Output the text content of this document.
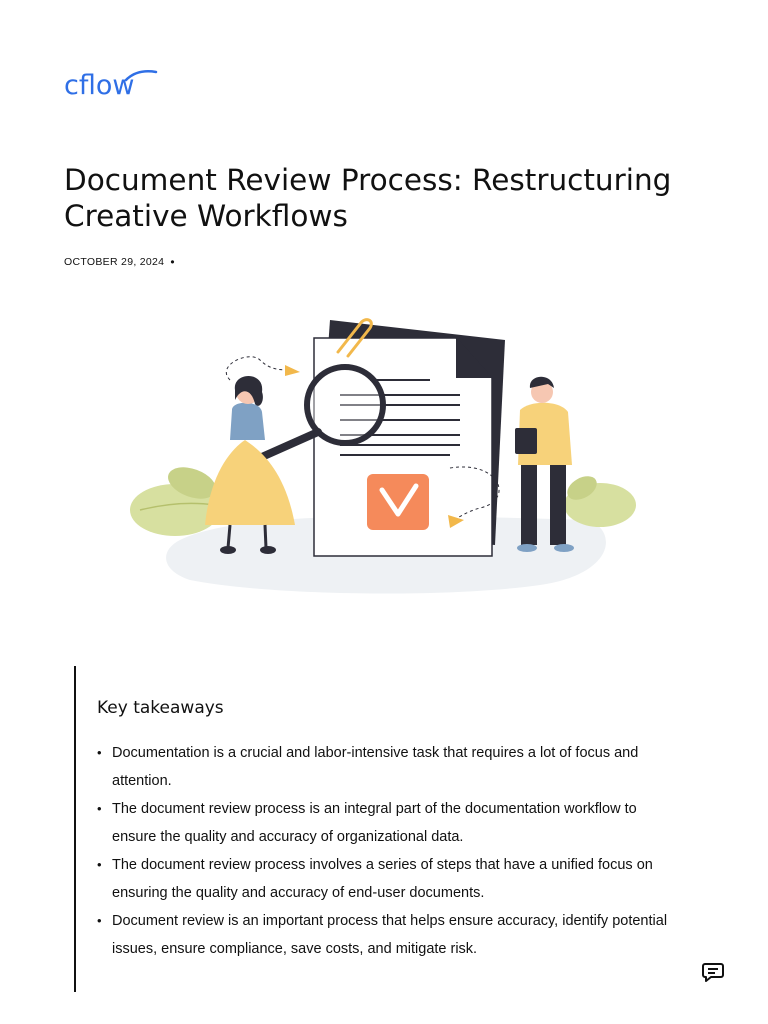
cflow
Document Review Process: Restructuring Creative Workflows
OCTOBER 29, 2024 •
Key takeaways
• Documentation is a crucial and labor-intensive task that requires a lot of focus and attention.
• The document review process is an integral part of the documentation workflow to ensure the quality and accuracy of organizational data.
• The document review process involves a series of steps that have a unified focus on ensuring the quality and accuracy of end-user documents.
• Document review is an important process that helps ensure accuracy, identify potential issues, ensure compliance, save costs, and mitigate risk.
